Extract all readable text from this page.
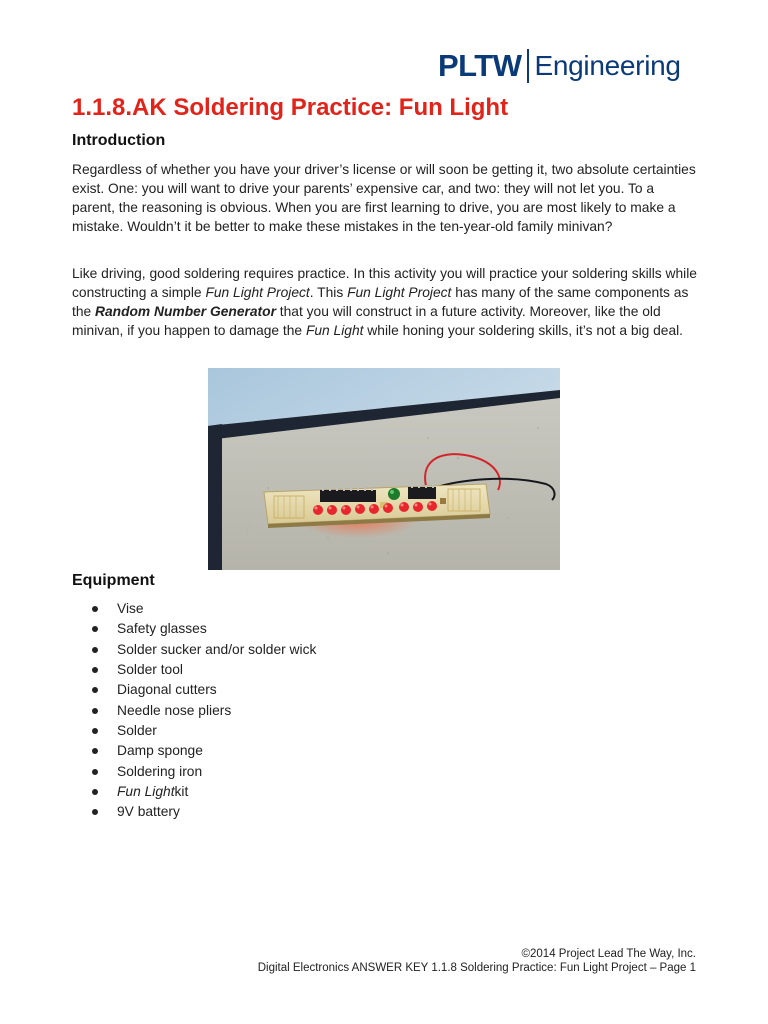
PLTW Engineering
1.1.8.AK Soldering Practice: Fun Light
Introduction

Regardless of whether you have your driver’s license or will soon be getting it, two absolute certainties exist. One: you will want to drive your parents’ expensive car, and two: they will not let you. To a parent, the reasoning is obvious. When you are first learning to drive, you are most likely to make a mistake. Wouldn’t it be better to make these mistakes in the ten-year-old family minivan?

Like driving, good soldering requires practice. In this activity you will practice your soldering skills while constructing a simple Fun Light Project. This Fun Light Project has many of the same components as the Random Number Generator that you will construct in a future activity. Moreover, like the old minivan, if you happen to damage the Fun Light while honing your soldering skills, it’s not a big deal.

Equipment
Vise
Safety glasses
Solder sucker and/or solder wick
Solder tool
Diagonal cutters
Needle nose pliers
Solder
Damp sponge
Soldering iron
Fun Light kit
9V battery

©2014 Project Lead The Way, Inc.

Digital Electronics ANSWER KEY 1.1.8 Soldering Practice: Fun Light Project – Page 1
